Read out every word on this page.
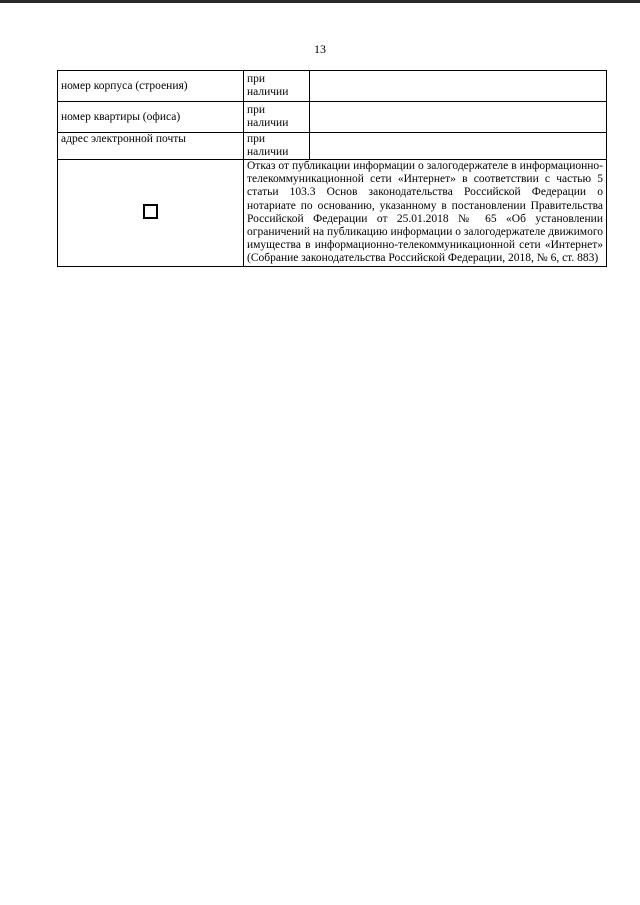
13
номер корпуса (строения)	при
наличии	

номер квартиры (офиса)	при
наличии	

адрес электронной почты	при наличии	

	Отказ от публикации информации о залогодержателе в информационно-телекоммуникационной сети «Интернет» в соответствии с частью 5 статьи 103.3 Основ законодательства Российской Федерации о нотариате по основанию, указанному в постановлении Правительства Российской Федерации от 25.01.2018 № 65 «Об установлении ограничений на публикацию информации о залогодержателе движимого имущества в информационно-телекоммуникационной сети «Интернет» (Собрание законодательства Российской Федерации, 2018, № 6, ст. 883)	
